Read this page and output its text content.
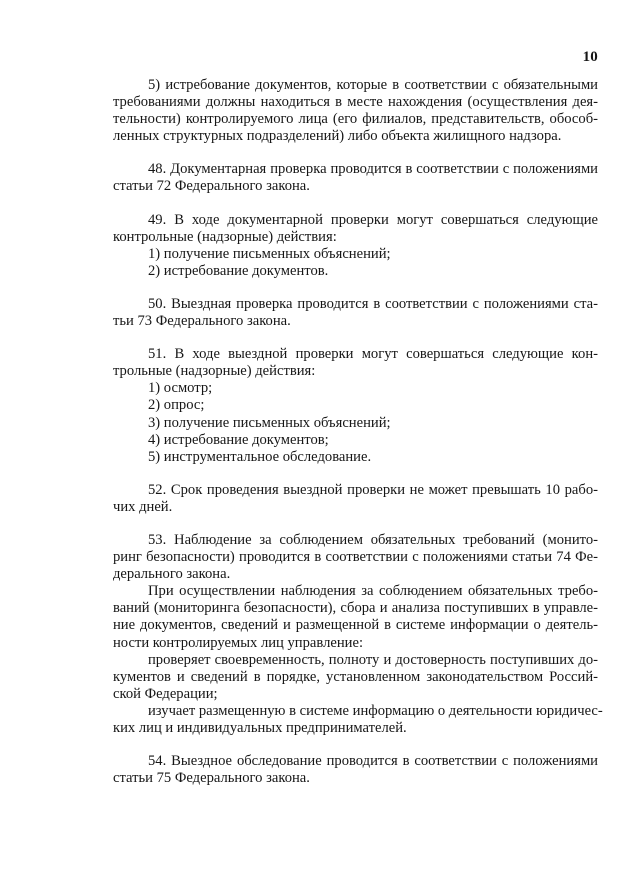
10
5) истребование документов, которые в соответствии с обязательными
требованиями должны находиться в месте нахождения (осуществления дея-
тельности) контролируемого лица (его филиалов, представительств, обособ-
ленных структурных подразделений) либо объекта жилищного надзора.
48. Документарная проверка проводится в соответствии с положениями
статьи 72 Федерального закона.
49. В ходе документарной проверки могут совершаться следующие
контрольные (надзорные) действия:
1) получение письменных объяснений;
2) истребование документов.
50. Выездная проверка проводится в соответствии с положениями ста-
тьи 73 Федерального закона.
51. В ходе выездной проверки могут совершаться следующие кон-
трольные (надзорные) действия:
1) осмотр;
2) опрос;
3) получение письменных объяснений;
4) истребование документов;
5) инструментальное обследование.
52. Срок проведения выездной проверки не может превышать 10 рабо-
чих дней.
53. Наблюдение за соблюдением обязательных требований (монито-
ринг безопасности) проводится в соответствии с положениями статьи 74 Фе-
дерального закона.
При осуществлении наблюдения за соблюдением обязательных требо-
ваний (мониторинга безопасности), сбора и анализа поступивших в управле-
ние документов, сведений и размещенной в системе информации о деятель-
ности контролируемых лиц управление:
проверяет своевременность, полноту и достоверность поступивших до-
кументов и сведений в порядке, установленном законодательством Россий-
ской Федерации;
изучает размещенную в системе информацию о деятельности юридичес-
ких лиц и индивидуальных предпринимателей.
54. Выездное обследование проводится в соответствии с положениями
статьи 75 Федерального закона.
